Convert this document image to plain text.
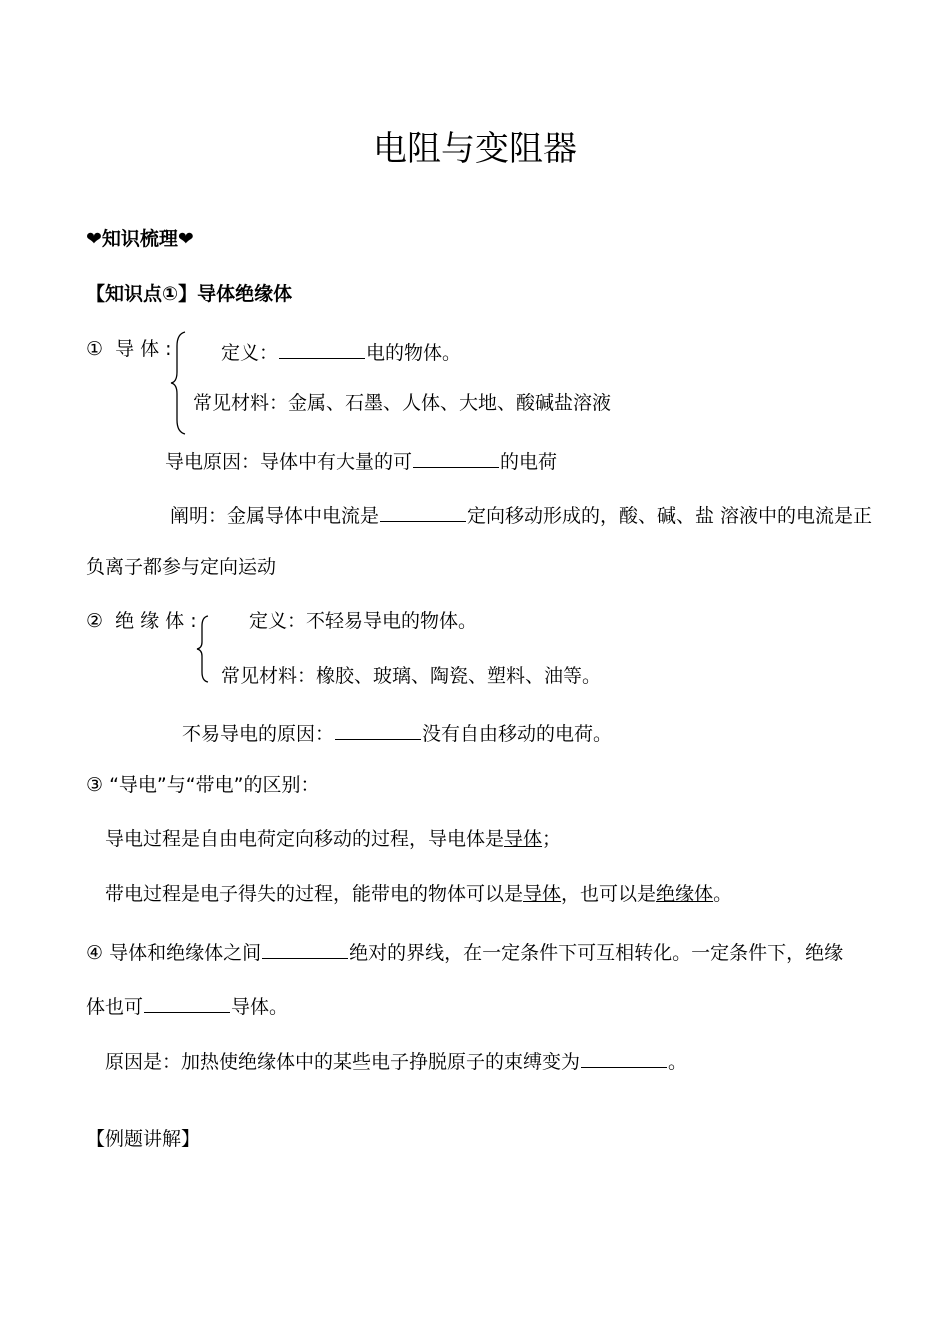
电阻与变阻器
❤知识梳理❤
【知识点①】导体绝缘体
① 导 体 :	定义：	电的物体。
常见材料：金属、石墨、人体、大地、酸碱盐溶液
导电原因：导体中有大量的可	的电荷
阐明：金属导体中电流是	定向移动形成的，酸、碱、盐 溶液中的电流是正
负离子都参与定向运动
② 绝 缘 体 :	定义：不轻易导电的物体。
常见材料：橡胶、玻璃、陶瓷、塑料、油等。
不易导电的原因：	没有自由移动的电荷。
③ “导电”与“带电”的区别：
导电过程是自由电荷定向移动的过程，导电体是导体；
带电过程是电子得失的过程，能带电的物体可以是导体，也可以是绝缘体。
④ 导体和绝缘体之间	绝对的界线，在一定条件下可互相转化。一定条件下，绝缘
体也可	导体。
原因是：加热使绝缘体中的某些电子挣脱原子的束缚变为	。
【例题讲解】
